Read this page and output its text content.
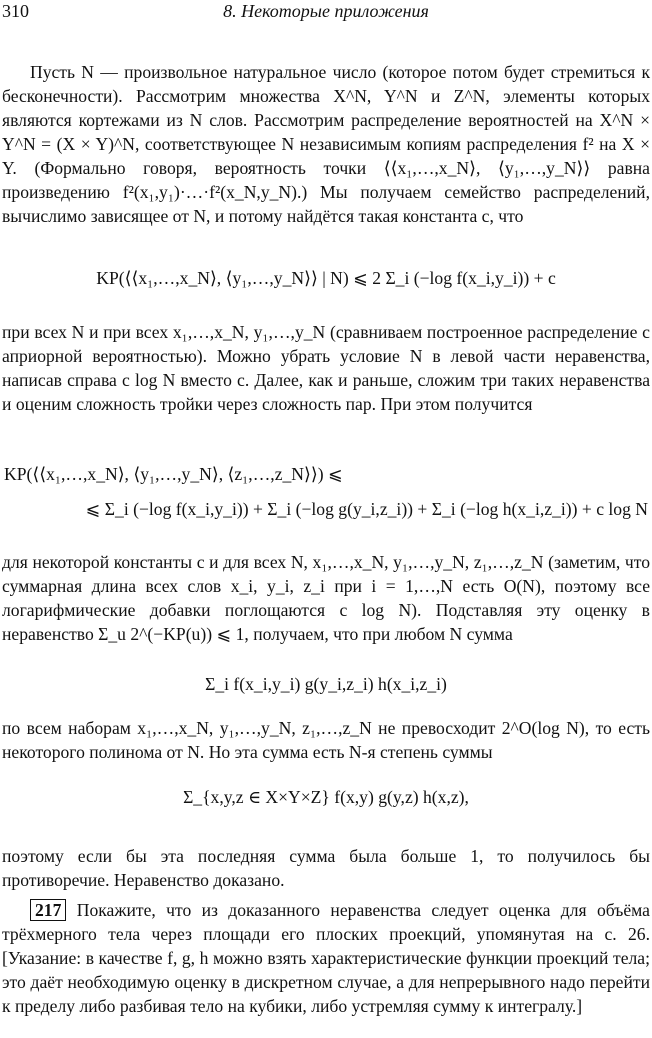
310	8. Некоторые приложения

Пусть N — произвольное натуральное число (которое потом будет стремиться к бесконечности). Рассмотрим множества X^N, Y^N и Z^N, элементы которых являются кортежами из N слов. Рассмотрим распределение вероятностей на X^N × Y^N = (X × Y)^N, соответствующее N независимым копиям распределения f² на X × Y. (Формально говоря, вероятность точки ⟨⟨x₁,…,x_N⟩, ⟨y₁,…,y_N⟩⟩ равна произведению f²(x₁,y₁)·…·f²(x_N,y_N).) Мы получаем семейство распределений, вычислимо зависящее от N, и потому найдётся такая константа c, что

KP(⟨⟨x₁,…,x_N⟩, ⟨y₁,…,y_N⟩⟩ | N) ⩽ 2 Σ_i (−log f(x_i,y_i)) + c

при всех N и при всех x₁,…,x_N, y₁,…,y_N (сравниваем построенное распределение с априорной вероятностью). Можно убрать условие N в левой части неравенства, написав справа c log N вместо c. Далее, как и раньше, сложим три таких неравенства и оценим сложность тройки через сложность пар. При этом получится

KP(⟨⟨x₁,…,x_N⟩, ⟨y₁,…,y_N⟩, ⟨z₁,…,z_N⟩⟩) ⩽
⩽ Σ_i (−log f(x_i,y_i)) + Σ_i (−log g(y_i,z_i)) + Σ_i (−log h(x_i,z_i)) + c log N

для некоторой константы c и для всех N, x₁,…,x_N, y₁,…,y_N, z₁,…,z_N (заметим, что суммарная длина всех слов x_i, y_i, z_i при i = 1,…,N есть O(N), поэтому все логарифмические добавки поглощаются c log N). Подставляя эту оценку в неравенство Σ_u 2^(−KP(u)) ⩽ 1, получаем, что при любом N сумма

Σ_i f(x_i,y_i) g(y_i,z_i) h(x_i,z_i)

по всем наборам x₁,…,x_N, y₁,…,y_N, z₁,…,z_N не превосходит 2^O(log N), то есть некоторого полинома от N. Но эта сумма есть N-я степень суммы

Σ_{x,y,z ∈ X×Y×Z} f(x,y) g(y,z) h(x,z),

поэтому если бы эта последняя сумма была больше 1, то получилось бы противоречие. Неравенство доказано.

217 Покажите, что из доказанного неравенства следует оценка для объёма трёхмерного тела через площади его плоских проекций, упомянутая на с. 26. [Указание: в качестве f, g, h можно взять характеристические функции проекций тела; это даёт необходимую оценку в дискретном случае, а для непрерывного надо перейти к пределу либо разбивая тело на кубики, либо устремляя сумму к интегралу.]
